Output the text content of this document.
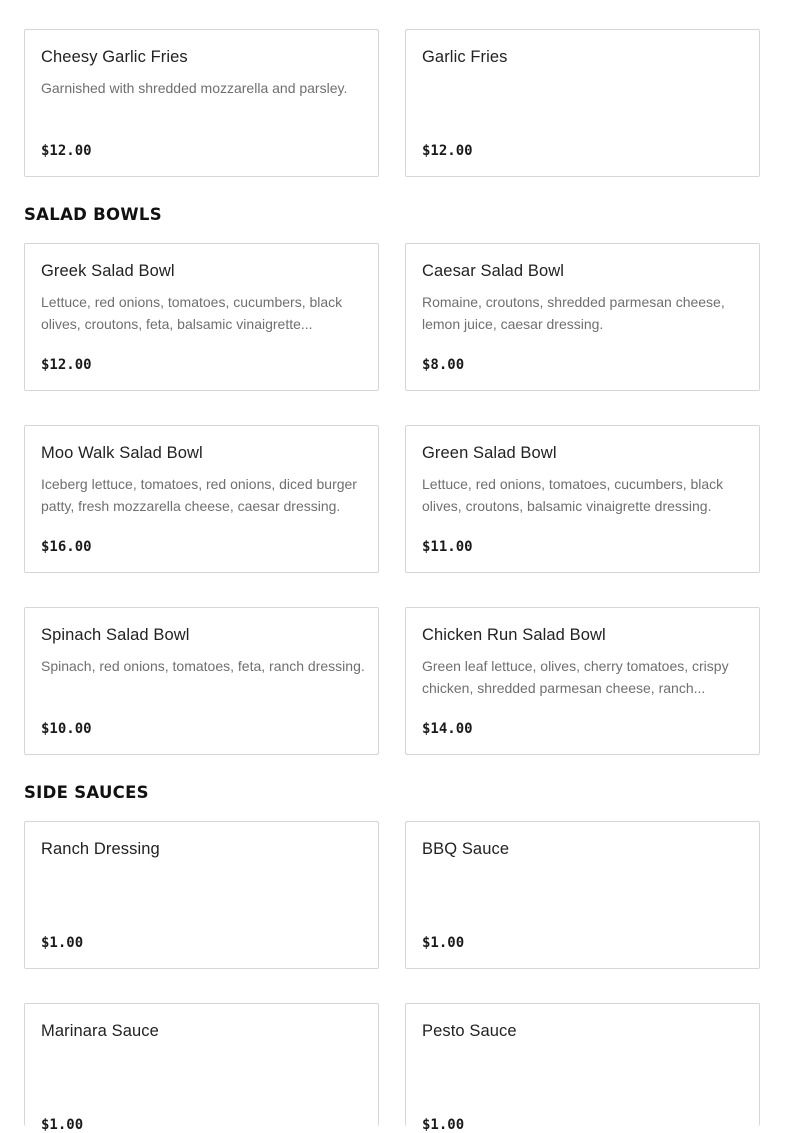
Cheesy Garlic Fries
Garnished with shredded mozzarella and parsley.
$12.00
Garlic Fries
$12.00
SALAD BOWLS
Greek Salad Bowl
Lettuce, red onions, tomatoes, cucumbers, black olives, croutons, feta, balsamic vinaigrette...
$12.00
Caesar Salad Bowl
Romaine, croutons, shredded parmesan cheese, lemon juice, caesar dressing.
$8.00
Moo Walk Salad Bowl
Iceberg lettuce, tomatoes, red onions, diced burger patty, fresh mozzarella cheese, caesar dressing.
$16.00
Green Salad Bowl
Lettuce, red onions, tomatoes, cucumbers, black olives, croutons, balsamic vinaigrette dressing.
$11.00
Spinach Salad Bowl
Spinach, red onions, tomatoes, feta, ranch dressing.
$10.00
Chicken Run Salad Bowl
Green leaf lettuce, olives, cherry tomatoes, crispy chicken, shredded parmesan cheese, ranch...
$14.00
SIDE SAUCES
Ranch Dressing
$1.00
BBQ Sauce
$1.00
Marinara Sauce
$1.00
Pesto Sauce
$1.00
